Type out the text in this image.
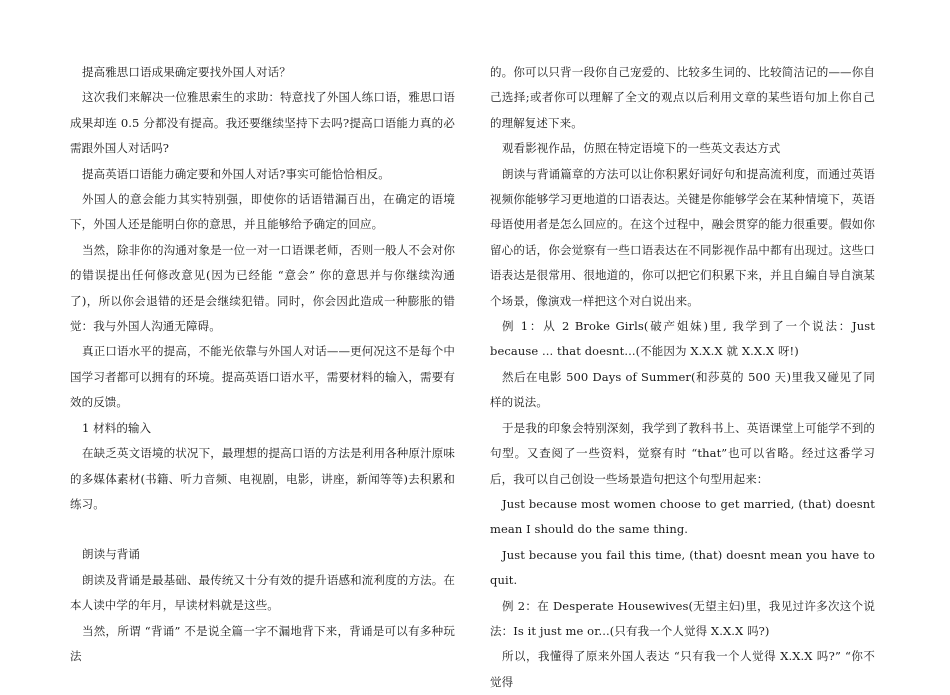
提高雅思口语成果确定要找外国人对话？

这次我们来解决一位雅思索生的求助：特意找了外国人练口语，雅思口语成果却连 0.5 分都没有提高。我还要继续坚持下去吗?提高口语能力真的必需跟外国人对话吗?

提高英语口语能力确定要和外国人对话?事实可能恰恰相反。

外国人的意会能力其实特别强，即使你的话语错漏百出，在确定的语境下，外国人还是能明白你的意思，并且能够给予确定的回应。

当然，除非你的沟通对象是一位一对一口语课老师，否则一般人不会对你的错误提出任何修改意见(因为已经能 “意会” 你的意思并与你继续沟通了)，所以你会退错的还是会继续犯错。同时，你会因此造成一种膨胀的错觉：我与外国人沟通无障碍。

真正口语水平的提高，不能光依靠与外国人对话——更何况这不是每个中国学习者都可以拥有的环境。提高英语口语水平，需要材料的输入，需要有效的反馈。

1 材料的输入

在缺乏英文语境的状况下，最理想的提高口语的方法是利用各种原汁原味的多媒体素材(书籍、听力音频、电视剧，电影，讲座，新闻等等)去积累和练习。

朗读与背诵

朗读及背诵是最基础、最传统又十分有效的提升语感和流利度的方法。在本人读中学的年月，早读材料就是这些。

当然，所谓 “背诵” 不是说全篇一字不漏地背下来，背诵是可以有多种玩法

的。你可以只背一段你自己宠爱的、比较多生词的、比较简洁记的——你自己选择;或者你可以理解了全文的观点以后利用文章的某些语句加上你自己的理解复述下来。

观看影视作品，仿照在特定语境下的一些英文表达方式

朗读与背诵篇章的方法可以让你积累好词好句和提高流利度，而通过英语视频你能够学习更地道的口语表达。关键是你能够学会在某种情境下，英语母语使用者是怎么回应的。在这个过程中，融会贯穿的能力很重要。假如你留心的话，你会觉察有一些口语表达在不同影视作品中都有出现过。这些口语表达是很常用、很地道的，你可以把它们积累下来，并且自編自导自演某个场景，像演戏一样把这个对白说出来。

例 1：从 2 Broke Girls(破产姐妹)里, 我学到了一个说法：Just because ... that doesnt...(不能因为 X.X.X 就 X.X.X 呀!)

然后在电影 500 Days of Summer(和莎莫的 500 天)里我又碰见了同样的说法。

于是我的印象会特别深刻，我学到了教科书上、英语课堂上可能学不到的句型。又查阅了一些资料，觉察有时 “that”也可以省略。经过这番学习后，我可以自己创设一些场景造句把这个句型用起来：

Just because most women choose to get married, (that) doesnt mean I should do the same thing.

Just because you fail this time, (that) doesnt mean you have to quit.

例 2：在 Desperate Housewives(无望主妇)里，我见过许多次这个说法：Is it just me or...(只有我一个人觉得 X.X.X 吗?)

所以，我懂得了原来外国人表达 “只有我一个人觉得 X.X.X 吗?” “你不觉得
